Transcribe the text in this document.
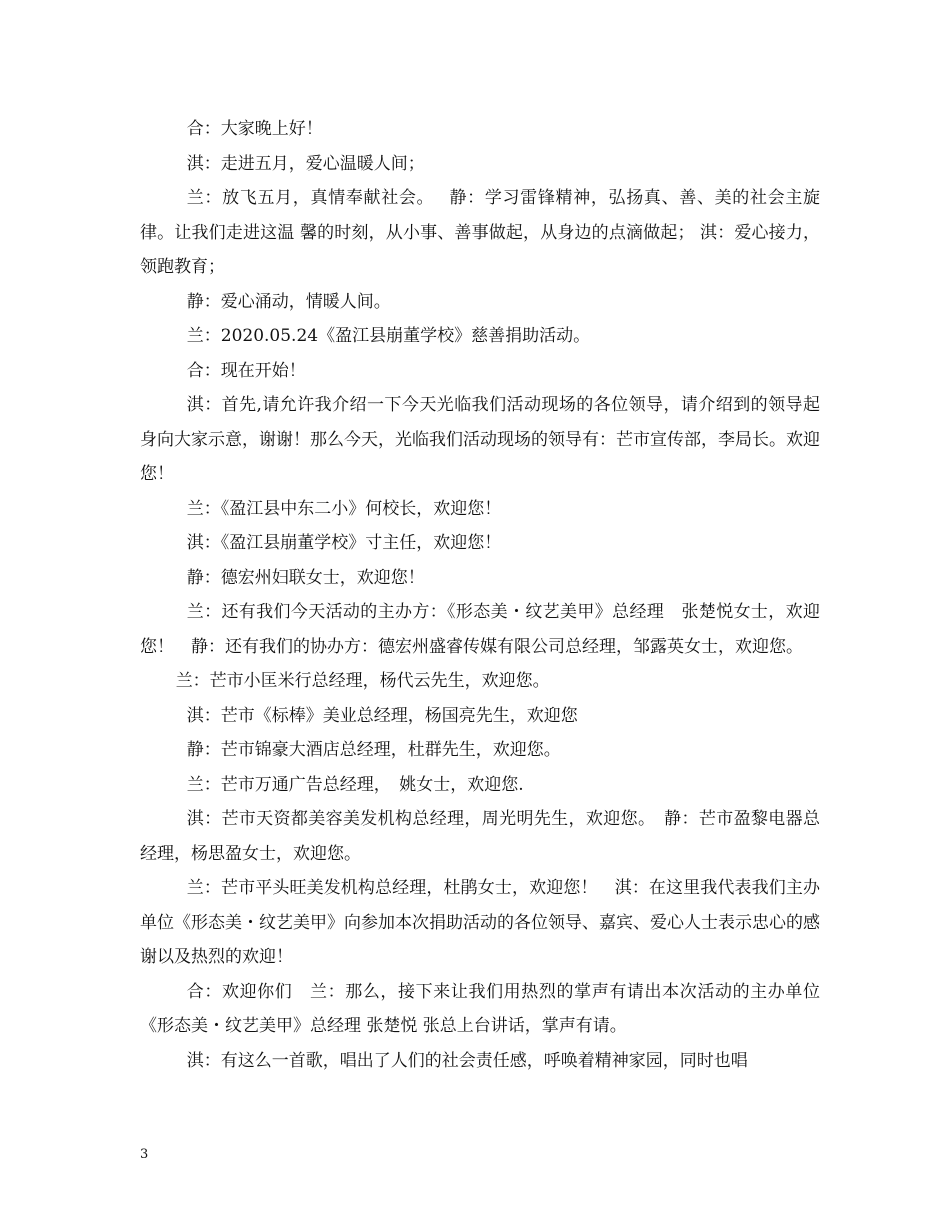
合：大家晚上好！

淇：走进五月，爱心温暖人间；

兰：放飞五月，真情奉献社会。　 静：学习雷锋精神，弘扬真、善、美的社会主旋律。让我们走进这温 馨的时刻，从小事、善事做起，从身边的点滴做起； 淇：爱心接力，领跑教育；

静：爱心涌动，情暖人间。

兰：2020.05.24《盈江县崩董学校》慈善捐助活动。

合：现在开始！

淇：首先,请允许我介绍一下今天光临我们活动现场的各位领导，请介绍到的领导起身向大家示意，谢谢！那么今天，光临我们活动现场的领导有：芒市宣传部，李局长。欢迎您！

兰：《盈江县中东二小》何校长，欢迎您！

淇：《盈江县崩董学校》寸主任，欢迎您！

静：德宏州妇联女士，欢迎您！

兰：还有我们今天活动的主办方：《形态美・纹艺美甲》总经理　张楚悦女士，欢迎您！　静：还有我们的协办方：德宏州盛睿传媒有限公司总经理，邹露英女士，欢迎您。

兰：芒市小匡米行总经理，杨代云先生，欢迎您。

淇：芒市《标棒》美业总经理，杨国亮先生，欢迎您

静：芒市锦豪大酒店总经理，杜群先生，欢迎您。

兰：芒市万通广告总经理，　姚女士，欢迎您.

淇：芒市天资都美容美发机构总经理，周光明先生，欢迎您。　静：芒市盈黎电器总经理，杨思盈女士，欢迎您。

兰：芒市平头旺美发机构总经理，杜鹃女士，欢迎您！　淇：在这里我代表我们主办单位《形态美・纹艺美甲》向参加本次捐助活动的各位领导、嘉宾、爱心人士表示忠心的感谢以及热烈的欢迎！

合：欢迎你们　兰：那么，接下来让我们用热烈的掌声有请出本次活动的主办单位《形态美・纹艺美甲》总经理 张楚悦 张总上台讲话，掌声有请。

淇：有这么一首歌，唱出了人们的社会责任感，呼唤着精神家园，同时也唱

3
